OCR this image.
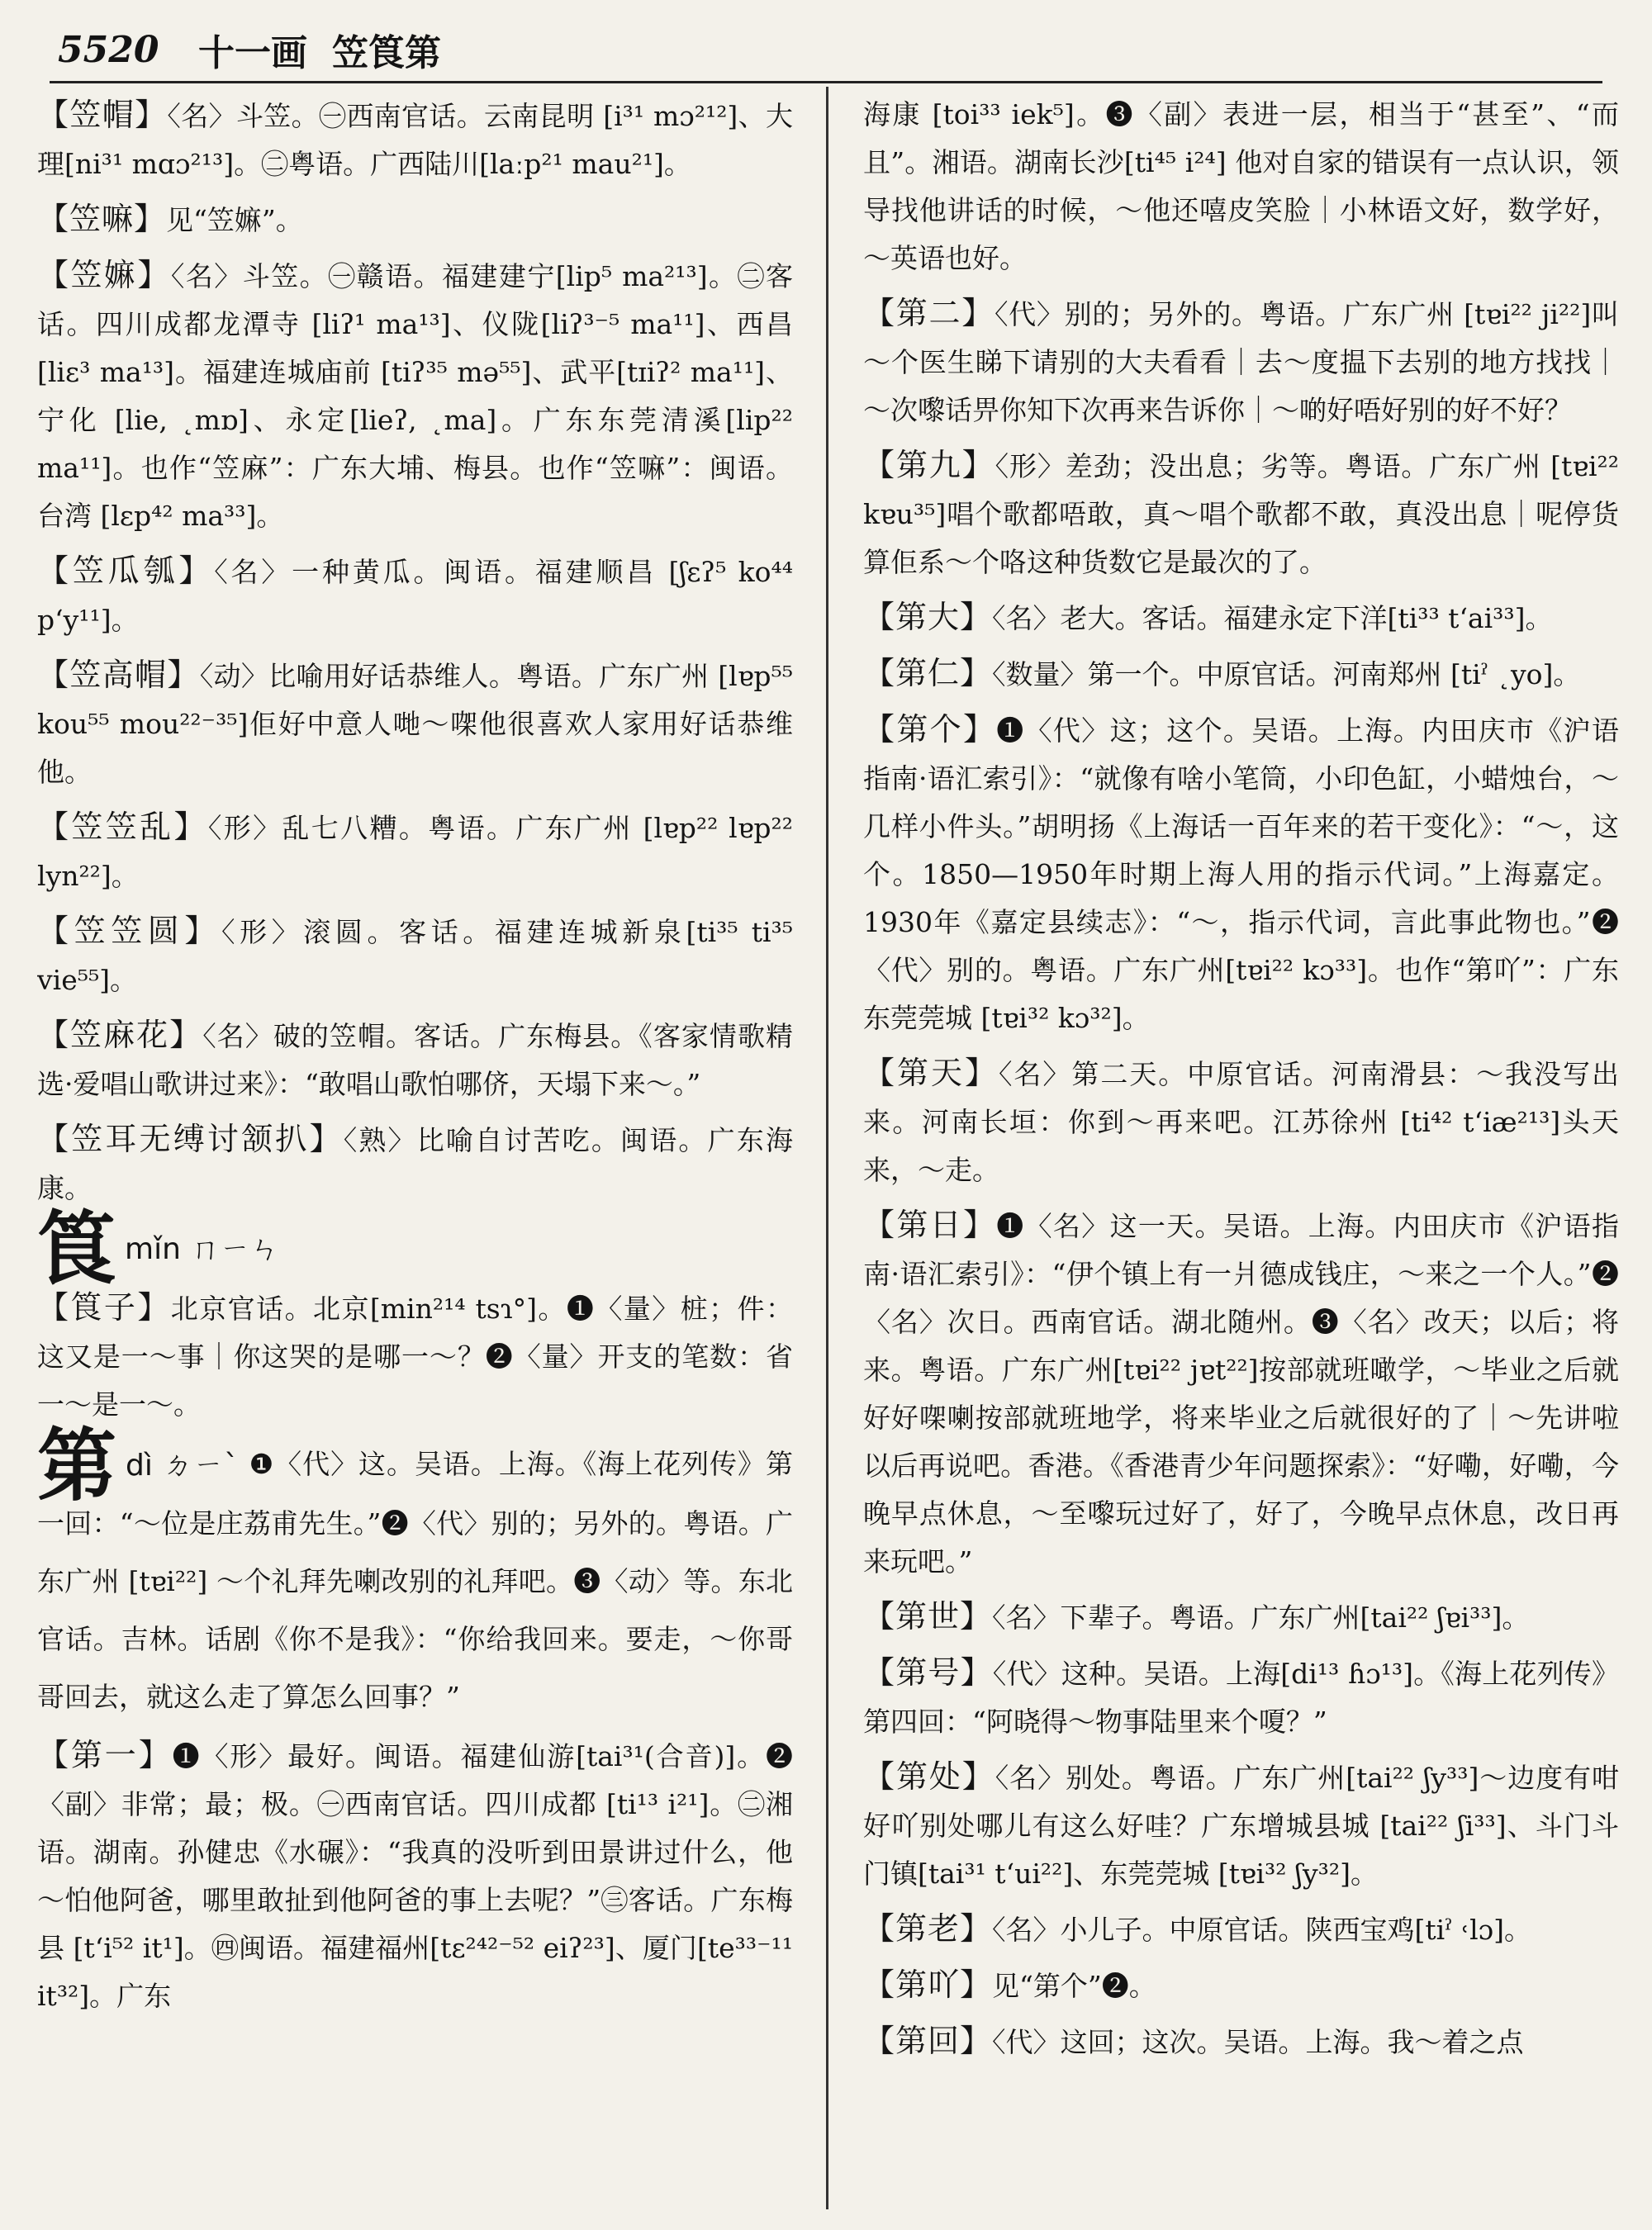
5520	十一画 笠筤第
【 笠帽 】 〈名〉斗笠。㊀西南官话。云南昆明 [i³¹ mɔ²¹²]、大理[ni³¹ mɑɔ²¹³]。㊁粤语。广西陆川[laːp²¹ mau²¹]。
【 笠嘛 】 见“笠嫲”。
【 笠嫲 】 〈名〉斗笠。㊀赣语。福建建宁[lip⁵ ma²¹³]。㊁客话。四川成都龙潭寺 [liʔ¹ ma¹³]、仪陇[liʔ³⁻⁵ ma¹¹]、西昌 [liɛ³ ma¹³]。福建连城庙前 [tiʔ³⁵ mə⁵⁵]、武平[tɪiʔ² ma¹¹]、宁化 [lie, ˛mɒ]、永定[lieʔ, ˛ma]。广东东莞清溪[lip²² ma¹¹]。也作“笠麻”：广东大埔、梅县。也作“笠嘛”：闽语。台湾 [lɛp⁴² ma³³]。
【 笠瓜瓠 】 〈名〉一种黄瓜。闽语。福建顺昌 [ʃɛʔ⁵ ko⁴⁴ p‘y¹¹]。
【 笠高帽 】 〈动〉比喻用好话恭维人。粤语。广东广州 [lɐp⁵⁵ kou⁵⁵ mou²²⁻³⁵]佢好中意人哋～㗎他很喜欢人家用好话恭维他。
【 笠笠乱 】 〈形〉乱七八糟。粤语。广东广州 [lɐp²² lɐp²² lyn²²]。
【 笠笠圆 】 〈形〉滚圆。客话。福建连城新泉[ti³⁵ ti³⁵ vie⁵⁵]。
【 笠麻花 】 〈名〉破的笠帽。客话。广东梅县。《客家情歌精选·爱唱山歌讲过来》：“敢唱山歌怕哪侪，天塌下来～。”
【 笠耳无缚讨颔扒 】 〈熟〉比喻自讨苦吃。闽语。广东海康。
筤mǐn ㄇㄧㄣ
【 筤子 】 北京官话。北京[min²¹⁴ tsɿ°]。❶〈量〉桩；件：这又是一～事｜你这哭的是哪一～？❷〈量〉开支的笔数：省一～是一～。
第dì ㄉㄧˋ ❶〈代〉这。吴语。上海。《海上花列传》第一回：“～位是庄荔甫先生。”❷〈代〉别的；另外的。粤语。广东广州 [tɐi²²] ～个礼拜先喇改别的礼拜吧。❸〈动〉等。东北官话。吉林。话剧《你不是我》：“你给我回来。要走，～你哥哥回去，就这么走了算怎么回事？”
【 第一 】 ❶〈形〉最好。闽语。福建仙游[tai³¹(合音)]。❷〈副〉非常；最；极。㊀西南官话。四川成都 [ti¹³ i²¹]。㊁湘语。湖南。孙健忠《水碾》：“我真的没听到田景讲过什么，他～怕他阿爸，哪里敢扯到他阿爸的事上去呢？”㊂客话。广东梅县 [t‘i⁵² it¹]。㊃闽语。福建福州[tɛ²⁴²⁻⁵² eiʔ²³]、厦门[te³³⁻¹¹ it³²]。广东
海康 [toi³³ iek⁵]。❸〈副〉表进一层，相当于“甚至”、“而且”。湘语。湖南长沙[ti⁴⁵ i²⁴] 他对自家的错误有一点认识，领导找他讲话的时候，～他还嘻皮笑脸｜小林语文好，数学好，～英语也好。
【 第二 】 〈代〉别的；另外的。粤语。广东广州 [tɐi²² ji²²]叫～个医生睇下请别的大夫看看｜去～度揾下去别的地方找找｜～次嚟话畀你知下次再来告诉你｜～啲好唔好别的好不好？
【 第九 】 〈形〉差劲；没出息；劣等。粤语。广东广州 [tɐi²² kɐu³⁵]唱个歌都唔敢，真～唱个歌都不敢，真没出息｜呢停货算佢系～个咯这种货数它是最次的了。
【 第大 】 〈名〉老大。客话。福建永定下洋[ti³³ t‘ai³³]。
【 第仁 】 〈数量〉第一个。中原官话。河南郑州 [tiˀ ˛yo]。
【 第个 】 ❶〈代〉这；这个。吴语。上海。内田庆市《沪语指南·语汇索引》：“就像有啥小笔筒，小印色缸，小蜡烛台，～几样小件头。”胡明扬《上海话一百年来的若干变化》：“～，这个。1850—1950年时期上海人用的指示代词。”上海嘉定。1930年《嘉定县续志》：“～，指示代词，言此事此物也。”❷〈代〉别的。粤语。广东广州[tɐi²² kɔ³³]。也作“第吖”：广东东莞莞城 [tɐi³² kɔ³²]。
【 第天 】 〈名〉第二天。中原官话。河南滑县：～我没写出来。河南长垣：你到～再来吧。江苏徐州 [ti⁴² t‘iæ²¹³]头天来，～走。
【 第日 】 ❶〈名〉这一天。吴语。上海。内田庆市《沪语指南·语汇索引》：“伊个镇上有一爿德成钱庄，～来之一个人。”❷〈名〉次日。西南官话。湖北随州。❸〈名〉改天；以后；将来。粤语。广东广州[tɐi²² jɐt²²]按部就班噉学，～毕业之后就好好㗎喇按部就班地学，将来毕业之后就很好的了｜～先讲啦以后再说吧。香港。《香港青少年问题探索》：“好嘞，好嘞，今晚早点休息，～至嚟玩过好了，好了，今晚早点休息，改日再来玩吧。”
【 第世 】 〈名〉下辈子。粤语。广东广州[tai²² ʃɐi³³]。
【 第号 】 〈代〉这种。吴语。上海[di¹³ ɦɔ¹³]。《海上花列传》第四回：“阿晓得～物事陆里来个嗄？”
【 第处 】 〈名〉别处。粤语。广东广州[tai²² ʃy³³]～边度有咁好吖别处哪儿有这么好哇？广东增城县城 [tai²² ʃi³³]、斗门斗门镇[tai³¹ t‘ui²²]、东莞莞城 [tɐi³² ʃy³²]。
【 第老 】 〈名〉小儿子。中原官话。陕西宝鸡[tiˀ ˓lɔ]。
【 第吖 】 见“第个”❷。
【 第回 】 〈代〉这回；这次。吴语。上海。我～着之点
